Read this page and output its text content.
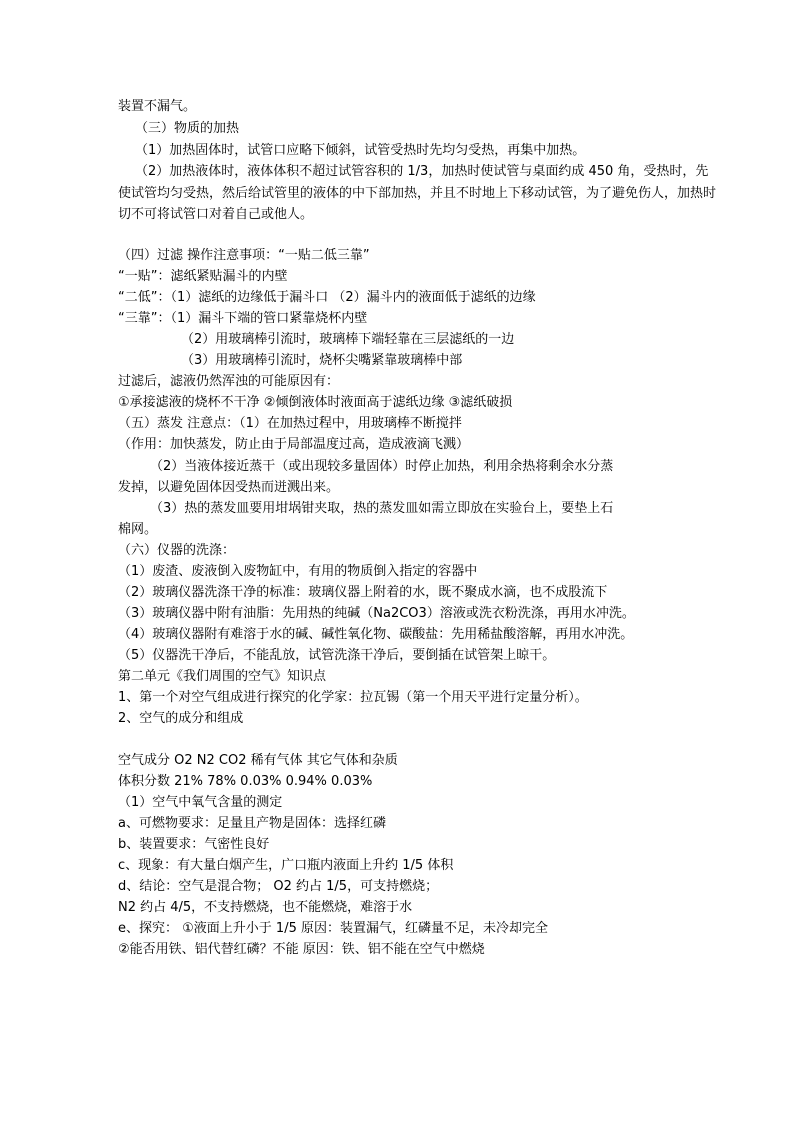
装置不漏气。
（三）物质的加热
（1）加热固体时，试管口应略下倾斜，试管受热时先均匀受热，再集中加热。
（2）加热液体时，液体体积不超过试管容积的 1/3，加热时使试管与桌面约成 450 角，受热时，先
使试管均匀受热，然后给试管里的液体的中下部加热，并且不时地上下移动试管，为了避免伤人，加热时
切不可将试管口对着自己或他人。
（四）过滤 操作注意事项：“一贴二低三靠”
“一贴”：滤纸紧贴漏斗的内壁
“二低”：（1）滤纸的边缘低于漏斗口 （2）漏斗内的液面低于滤纸的边缘
“三靠”：（1）漏斗下端的管口紧靠烧杯内壁
（2）用玻璃棒引流时，玻璃棒下端轻靠在三层滤纸的一边
（3）用玻璃棒引流时，烧杯尖嘴紧靠玻璃棒中部
过滤后，滤液仍然浑浊的可能原因有：
①承接滤液的烧杯不干净 ②倾倒液体时液面高于滤纸边缘 ③滤纸破损
（五）蒸发 注意点：（1）在加热过程中，用玻璃棒不断搅拌
（作用：加快蒸发，防止由于局部温度过高，造成液滴飞溅）
（2）当液体接近蒸干（或出现较多量固体）时停止加热，利用余热将剩余水分蒸
发掉，以避免固体因受热而迸溅出来。
（3）热的蒸发皿要用坩埚钳夹取，热的蒸发皿如需立即放在实验台上，要垫上石
棉网。
（六）仪器的洗涤：
（1）废渣、废液倒入废物缸中，有用的物质倒入指定的容器中
（2）玻璃仪器洗涤干净的标准：玻璃仪器上附着的水，既不聚成水滴，也不成股流下
（3）玻璃仪器中附有油脂：先用热的纯碱（Na2CO3）溶液或洗衣粉洗涤，再用水冲洗。
（4）玻璃仪器附有难溶于水的碱、碱性氧化物、碳酸盐：先用稀盐酸溶解，再用水冲洗。
（5）仪器洗干净后，不能乱放，试管洗涤干净后，要倒插在试管架上晾干。
第二单元《我们周围的空气》知识点
1、第一个对空气组成进行探究的化学家：拉瓦锡（第一个用天平进行定量分析）。
2、空气的成分和组成
空气成分 O2 N2 CO2 稀有气体 其它气体和杂质
体积分数 21% 78% 0.03% 0.94% 0.03%
（1）空气中氧气含量的测定
a、可燃物要求：足量且产物是固体：选择红磷
b、装置要求：气密性良好
c、现象：有大量白烟产生，广口瓶内液面上升约 1/5 体积
d、结论：空气是混合物； O2 约占 1/5，可支持燃烧；
N2 约占 4/5，不支持燃烧，也不能燃烧，难溶于水
e、探究： ①液面上升小于 1/5 原因：装置漏气，红磷量不足，未冷却完全
②能否用铁、铝代替红磷？不能 原因：铁、铝不能在空气中燃烧
